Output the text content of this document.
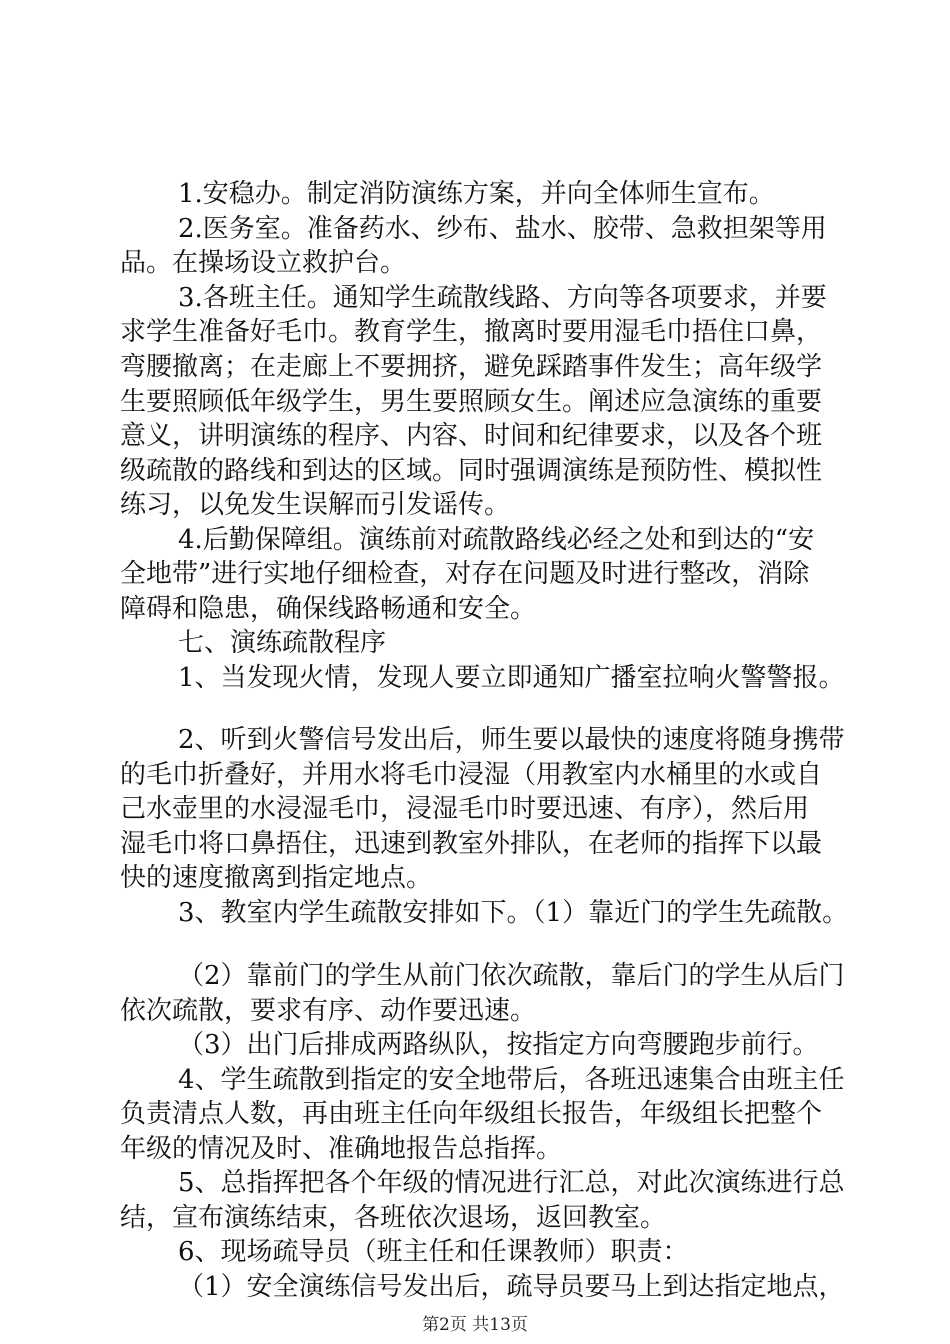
1.安稳办。制定消防演练方案，并向全体师生宣布。
2.医务室。准备药水、纱布、盐水、胶带、急救担架等用
品。在操场设立救护台。
3.各班主任。通知学生疏散线路、方向等各项要求，并要
求学生准备好毛巾。教育学生，撤离时要用湿毛巾捂住口鼻，
弯腰撤离；在走廊上不要拥挤，避免踩踏事件发生；高年级学
生要照顾低年级学生，男生要照顾女生。阐述应急演练的重要
意义，讲明演练的程序、内容、时间和纪律要求，以及各个班
级疏散的路线和到达的区域。同时强调演练是预防性、模拟性
练习，以免发生误解而引发谣传。
4.后勤保障组。演练前对疏散路线必经之处和到达的“安
全地带”进行实地仔细检查，对存在问题及时进行整改，消除
障碍和隐患，确保线路畅通和安全。
七、演练疏散程序
1、当发现火情，发现人要立即通知广播室拉响火警警报。
2、听到火警信号发出后，师生要以最快的速度将随身携带
的毛巾折叠好，并用水将毛巾浸湿（用教室内水桶里的水或自
己水壶里的水浸湿毛巾，浸湿毛巾时要迅速、有序），然后用
湿毛巾将口鼻捂住，迅速到教室外排队，在老师的指挥下以最
快的速度撤离到指定地点。
3、教室内学生疏散安排如下。（1）靠近门的学生先疏散。
（2）靠前门的学生从前门依次疏散，靠后门的学生从后门
依次疏散，要求有序、动作要迅速。
（3）出门后排成两路纵队，按指定方向弯腰跑步前行。
4、学生疏散到指定的安全地带后，各班迅速集合由班主任
负责清点人数，再由班主任向年级组长报告，年级组长把整个
年级的情况及时、准确地报告总指挥。
5、总指挥把各个年级的情况进行汇总，对此次演练进行总
结，宣布演练结束，各班依次退场，返回教室。
6、现场疏导员（班主任和任课教师）职责：
（1）安全演练信号发出后，疏导员要马上到达指定地点，
第2页 共13页
